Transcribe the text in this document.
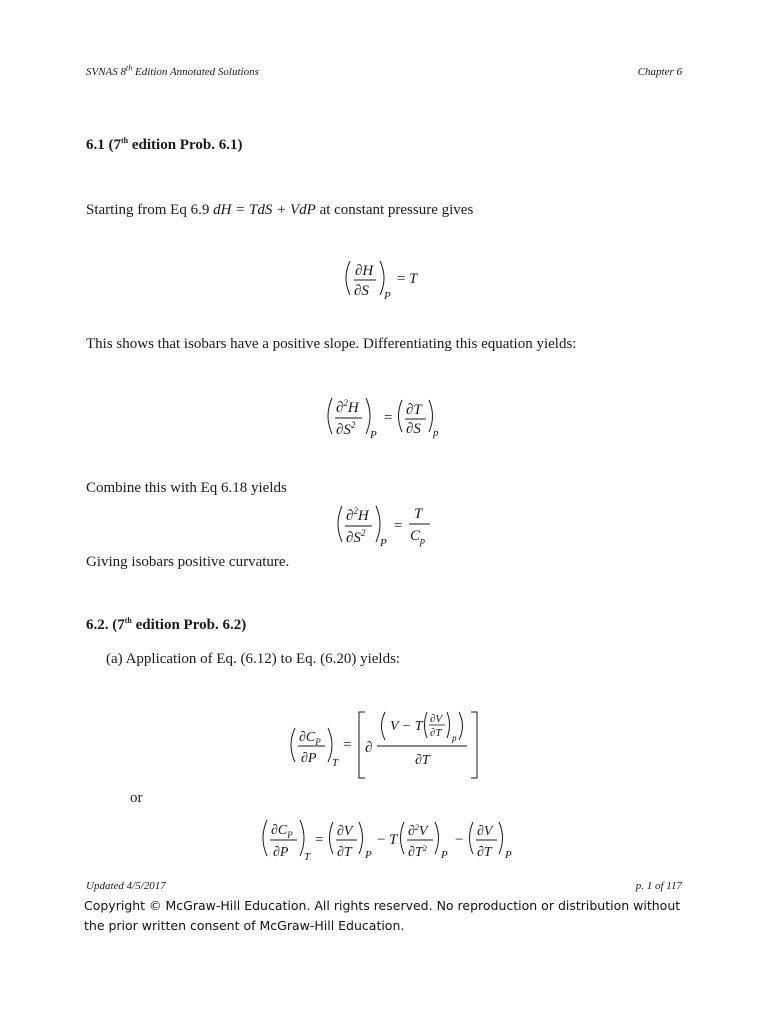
SVNAS 8th Edition Annotated Solutions	Chapter 6
6.1 (7th edition Prob. 6.1)
Starting from Eq 6.9 dH = TdS + VdP at constant pressure gives
∂H
∂S P
= T
This shows that isobars have a positive slope. Differentiating this equation yields:
∂$^2$H
$\partial S^2$
P
= ∂T
∂S p
Combine this with Eq 6.18 yields
∂$^2$H
$\partial S^2$
P
=
T
$C_p$
Giving isobars positive curvature.
6.2. (7th edition Prob. 6.2)
(a) Application of Eq. (6.12) to Eq. (6.20) yields:
$\partial C_P$
∂P T
= ∂
V − T ∂V
∂T p
∂T
or
$\partial C_P$
∂P T
=
∂V
∂T P
− T
∂$^2$V
$\partial T^2$
P
−
∂V
∂T P
Updated 4/5/2017	p. 1 of 117
Copyright © McGraw-Hill Education. All rights reserved. No reproduction or distribution without
the prior written consent of McGraw-Hill Education.
